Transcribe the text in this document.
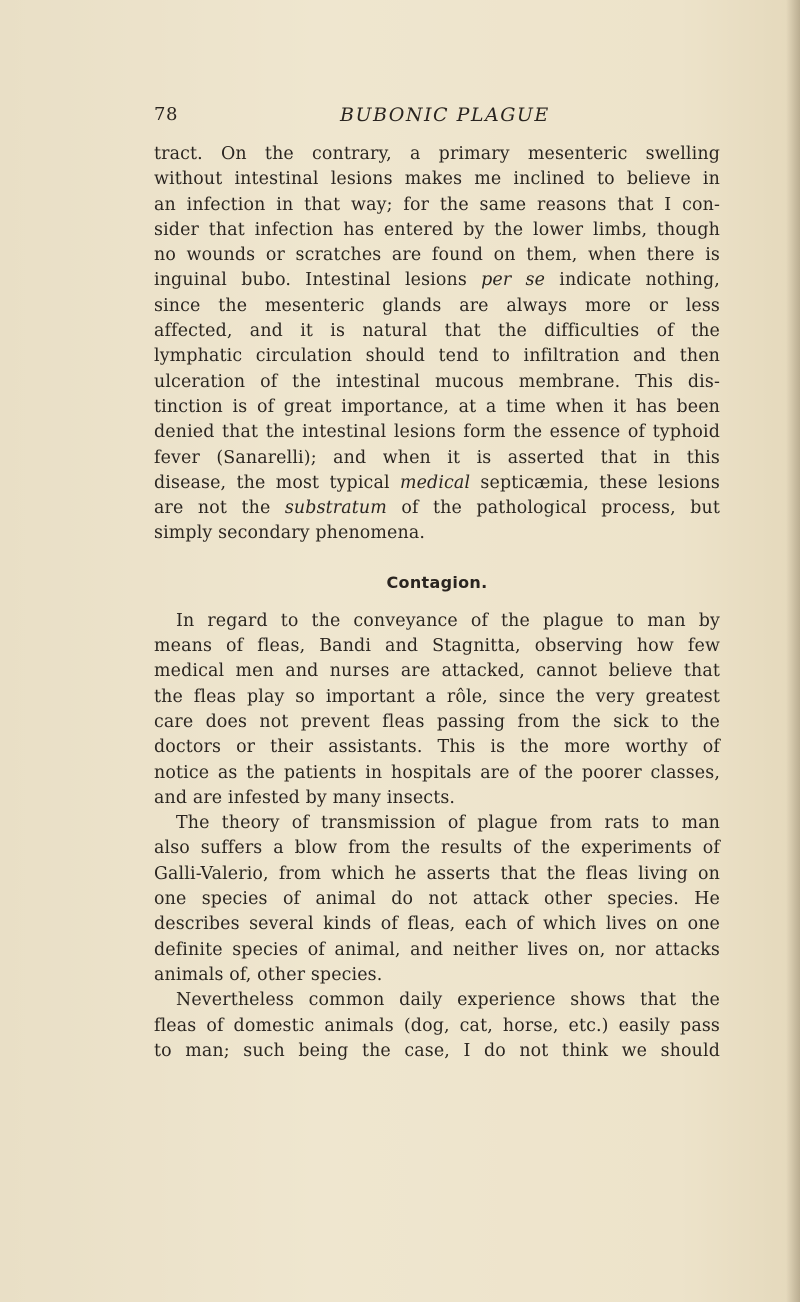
78	BUBONIC PLAGUE
tract. On the contrary, a primary mesenteric swelling
without intestinal lesions makes me inclined to believe in
an infection in that way; for the same reasons that I con-
sider that infection has entered by the lower limbs, though
no wounds or scratches are found on them, when there is
inguinal bubo. Intestinal lesions per se indicate nothing,
since the mesenteric glands are always more or less
affected, and it is natural that the difficulties of the
lymphatic circulation should tend to infiltration and then
ulceration of the intestinal mucous membrane. This dis-
tinction is of great importance, at a time when it has been
denied that the intestinal lesions form the essence of typhoid
fever (Sanarelli); and when it is asserted that in this
disease, the most typical medical septicæmia, these lesions
are not the substratum of the pathological process, but
simply secondary phenomena.
Contagion.
In regard to the conveyance of the plague to man by
means of fleas, Bandi and Stagnitta, observing how few
medical men and nurses are attacked, cannot believe that
the fleas play so important a rôle, since the very greatest
care does not prevent fleas passing from the sick to the
doctors or their assistants. This is the more worthy of
notice as the patients in hospitals are of the poorer classes,
and are infested by many insects.
The theory of transmission of plague from rats to man
also suffers a blow from the results of the experiments of
Galli-Valerio, from which he asserts that the fleas living on
one species of animal do not attack other species. He
describes several kinds of fleas, each of which lives on one
definite species of animal, and neither lives on, nor attacks
animals of, other species.
Nevertheless common daily experience shows that the
fleas of domestic animals (dog, cat, horse, etc.) easily pass
to man; such being the case, I do not think we should
